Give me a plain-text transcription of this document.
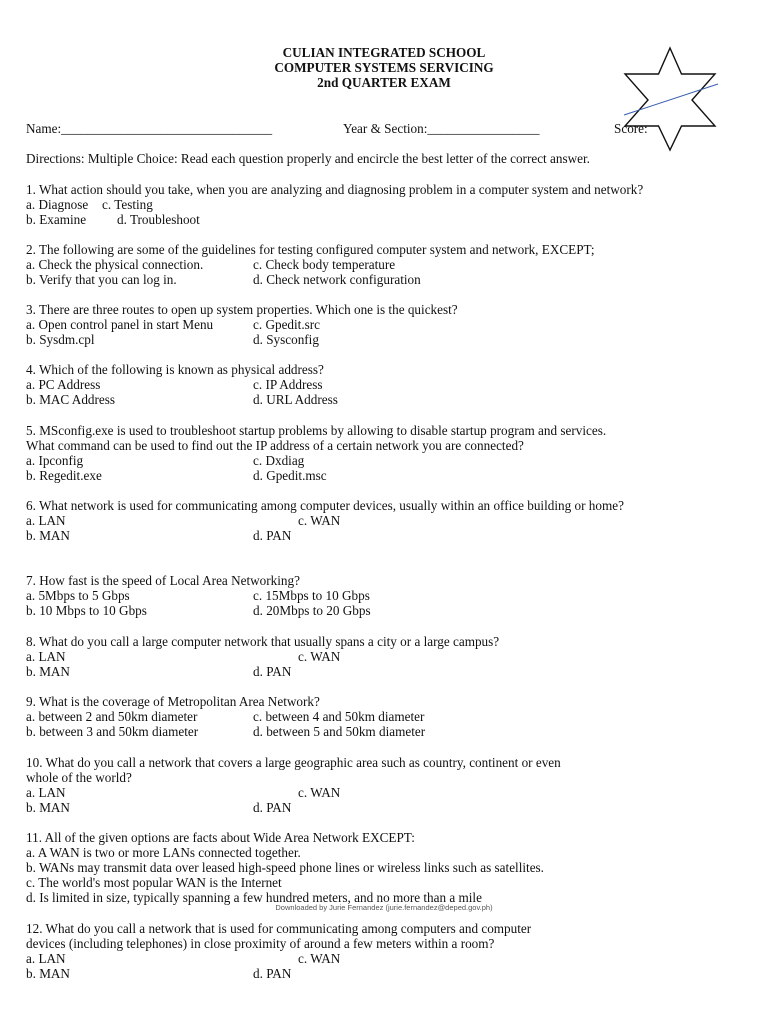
CULIAN INTEGRATED SCHOOL
COMPUTER SYSTEMS SERVICING
2nd QUARTER EXAM
Name:________________________________	Year & Section:_________________	Score:
Directions: Multiple Choice: Read each question properly and encircle the best letter of the correct answer.
1. What action should you take, when you are analyzing and diagnosing problem in a computer system and network?
a. Diagnose c. Testing
b. Examine d. Troubleshoot
2. The following are some of the guidelines for testing configured computer system and network, EXCEPT;
a. Check the physical connection.	c. Check body temperature
b. Verify that you can log in.	d. Check network configuration
3. There are three routes to open up system properties. Which one is the quickest?
a. Open control panel in start Menu	c. Gpedit.src
b. Sysdm.cpl	d. Sysconfig
4. Which of the following is known as physical address?
a. PC Address	c. IP Address
b. MAC Address	d. URL Address
5. MSconfig.exe is used to troubleshoot startup problems by allowing to disable startup program and services.
What command can be used to find out the IP address of a certain network you are connected?
a. Ipconfig	c. Dxdiag
b. Regedit.exe	d. Gpedit.msc
6. What network is used for communicating among computer devices, usually within an office building or home?
a. LAN	c. WAN
b. MAN	d. PAN
7. How fast is the speed of Local Area Networking?
a. 5Mbps to 5 Gbps	c. 15Mbps to 10 Gbps
b. 10 Mbps to 10 Gbps	d. 20Mbps to 20 Gbps
8. What do you call a large computer network that usually spans a city or a large campus?
a. LAN	c. WAN
b. MAN	d. PAN
9. What is the coverage of Metropolitan Area Network?
a. between 2 and 50km diameter	c. between 4 and 50km diameter
b. between 3 and 50km diameter	d. between 5 and 50km diameter
10. What do you call a network that covers a large geographic area such as country, continent or even
whole of the world?
a. LAN	c. WAN
b. MAN	d. PAN
11. All of the given options are facts about Wide Area Network EXCEPT:
a. A WAN is two or more LANs connected together.
b. WANs may transmit data over leased high-speed phone lines or wireless links such as satellites.
c. The world's most popular WAN is the Internet
d. Is limited in size, typically spanning a few hundred meters, and no more than a mile
12. What do you call a network that is used for communicating among computers and computer
devices (including telephones) in close proximity of around a few meters within a room?
a. LAN	c. WAN
b. MAN	d. PAN
Downloaded by Jurie Fernandez (jurie.fernandez@deped.gov.ph)
